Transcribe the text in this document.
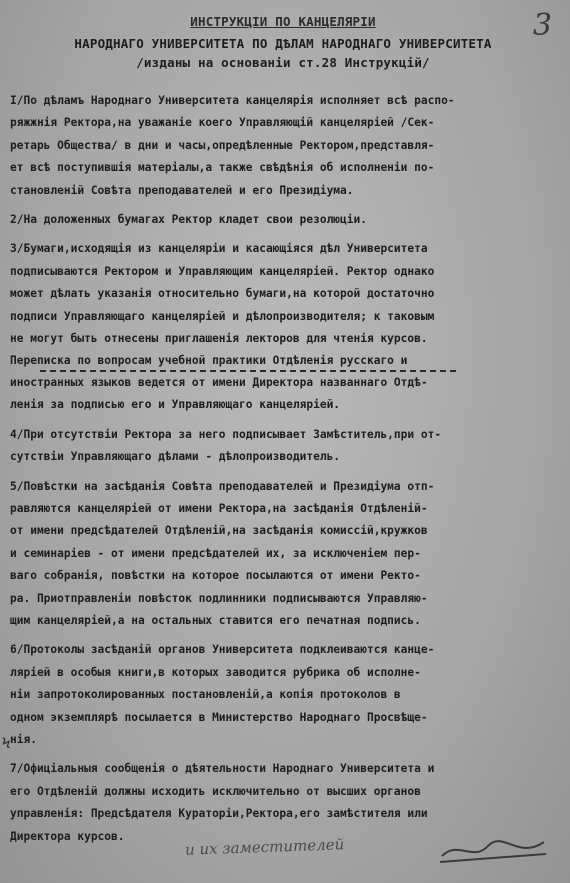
3
ИНСТРУКЦІИ ПО КАНЦЕЛЯРІИ
НАРОДНАГО УНИВЕРСИТЕТА ПО ДѢЛАМ НАРОДНАГО УНИВЕРСИТЕТА
/изданы на основаніи ст.28 Инструкцій/
I/По дѣламъ Народнаго Университета канцелярія исполняет всѣ распо-
ряжжнія Ректора,на уважаніе коего Управляющій канцеляріей /Сек-
ретарь Общества/ в дни и часы,опредѣленные Ректором,представля-
ет всѣ поступившія матеріалы,а также свѣдѣнія об исполненіи по-
становленій Совѣта преподавателей и его Президіума.
2/На доложенных бумагах Ректор кладет свои резолюціи.
3/Бумаги,исходящія из канцеляріи и касающіяся дѣл Университета
подписываются Ректором и Управляющим канцеляріей. Ректор однако
может дѣлать указанія относительно бумаги,на которой достаточно
подписи Управляющаго канцеляріей и дѣлопроизводителя; к таковым
не могут быть отнесены приглашенія лекторов для чтенія курсов.
Переписка по вопросам учебной практики Отдѣленія русскаго и
иностранных языков ведется от имени Директора названнаго Отдѣ-
ленія за подписью его и Управляющаго канцеляріей.
4/При отсутствіи Ректора за него подписывает Замѣститель,при от-
сутствіи Управляющаго дѣлами - дѣлопроизводитель.
5/Повѣстки на засѣданія Совѣта преподавателей и Президіума отп-
равляются канцеляріей от имени Ректора,на засѣданія Отдѣленій-
от имени предсѣдателей Отдѣленій,на засѣданія комиссій,кружков
и семинаріев - от имени предсѣдателей их, за исключеніем пер-
ваго собранія, повѣстки на которое посылаются от имени Ректо-
ра. Приотправленіи повѣсток подлинники подписываются Управляю-
щим канцеляріей,а на остальных ставится его печатная подпись.
6/Протоколы засѣданій органов Университета подклеиваются канце-
ляріей в особыя книги,в которых заводится рубрика об исполне-
ніи запротоколированных постановленій,а копія протоколов в
одном экземплярѣ посылается в Министерство Народнаго Просвѣще-
нія.
7/Офиціальныя сообщенія о дѣятельности Народнаго Университета и
его Отдѣленій должны исходить исключительно от высших органов
управленія: Предсѣдателя Кураторіи,Ректора,его замѣстителя или
Директора курсов.
Ϟ
и их заместителей
